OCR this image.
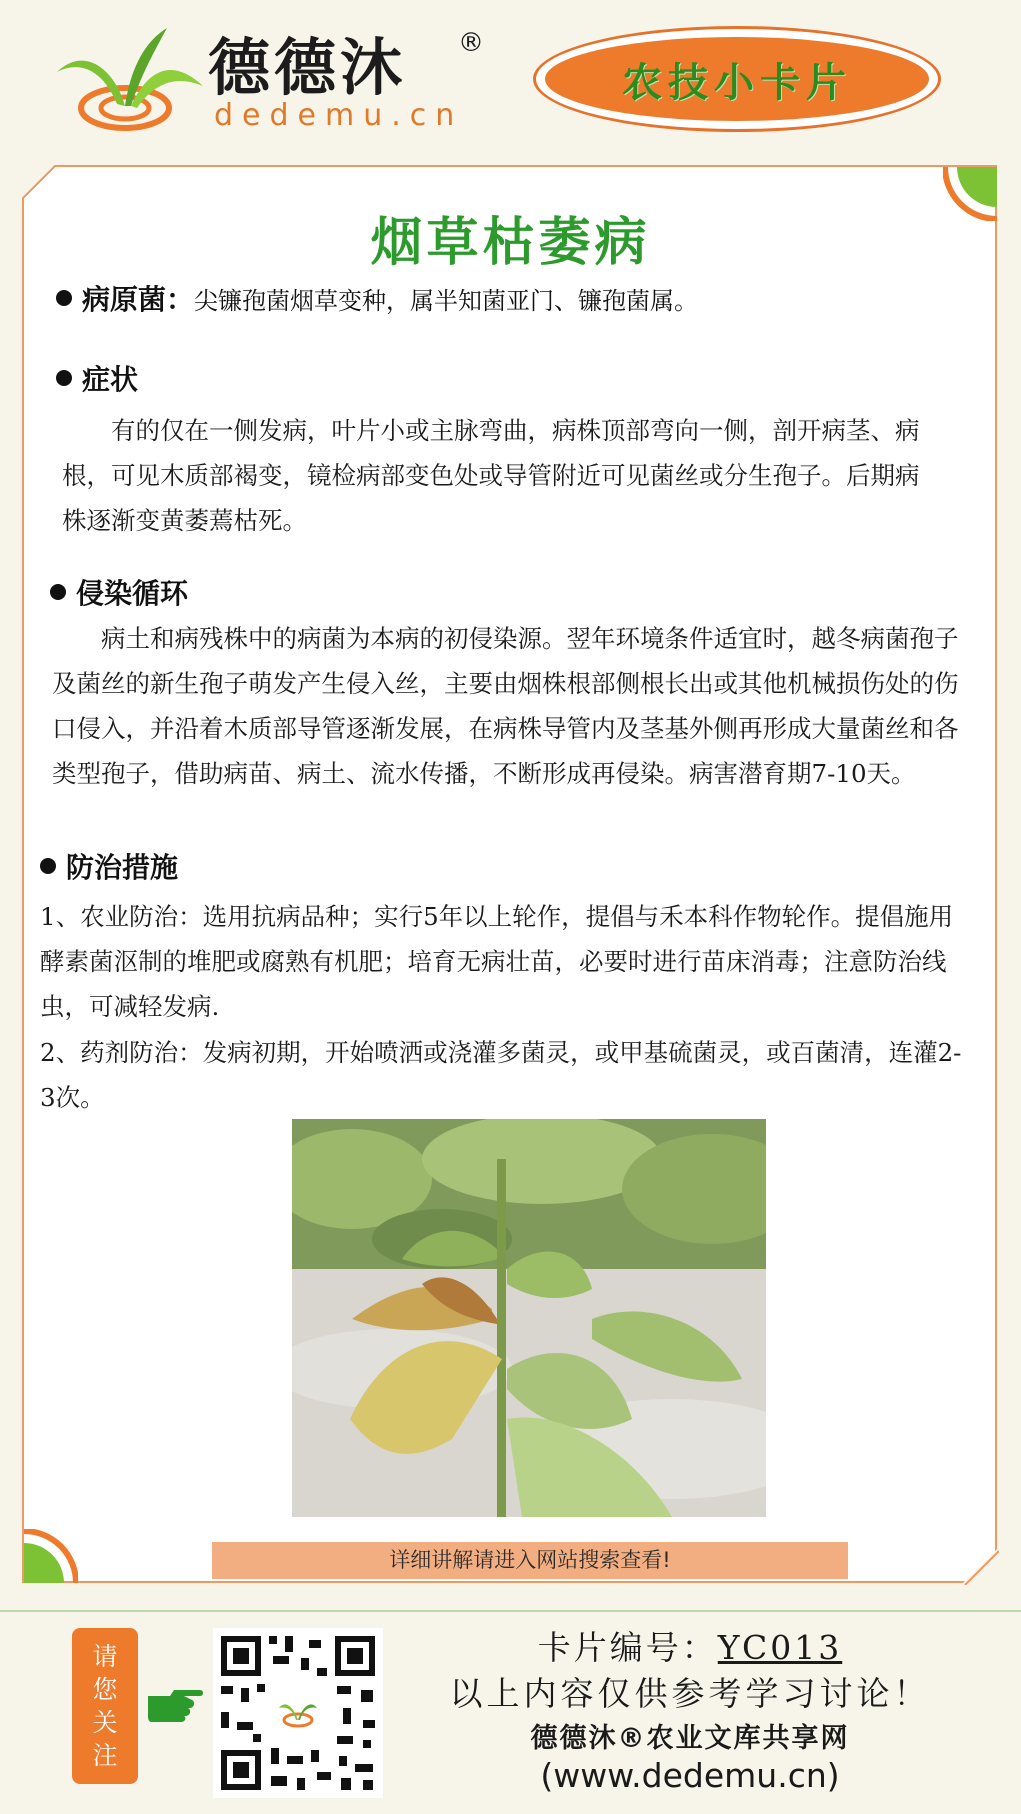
德德沐 ®
dedemu.cn
农技小卡片
烟草枯萎病
病原菌：尖镰孢菌烟草变种，属半知菌亚门、镰孢菌属。
症状
有的仅在一侧发病，叶片小或主脉弯曲，病株顶部弯向一侧，剖开病茎、病根，可见木质部褐变，镜检病部变色处或导管附近可见菌丝或分生孢子。后期病株逐渐变黄萎蔫枯死。
侵染循环
病土和病残株中的病菌为本病的初侵染源。翌年环境条件适宜时，越冬病菌孢子及菌丝的新生孢子萌发产生侵入丝，主要由烟株根部侧根长出或其他机械损伤处的伤口侵入，并沿着木质部导管逐渐发展，在病株导管内及茎基外侧再形成大量菌丝和各类型孢子，借助病苗、病土、流水传播，不断形成再侵染。病害潜育期7-10天。
防治措施
1、农业防治：选用抗病品种；实行5年以上轮作，提倡与禾本科作物轮作。提倡施用酵素菌沤制的堆肥或腐熟有机肥；培育无病壮苗，必要时进行苗床消毒；注意防治线虫，可减轻发病.
2、药剂防治：发病初期，开始喷洒或浇灌多菌灵，或甲基硫菌灵，或百菌清，连灌2-3次。
详细讲解请进入网站搜索查看!
请
您
关
注
卡片编号：YC013
以上内容仅供参考学习讨论！
德德沐®农业文库共享网
(www.dedemu.cn)
